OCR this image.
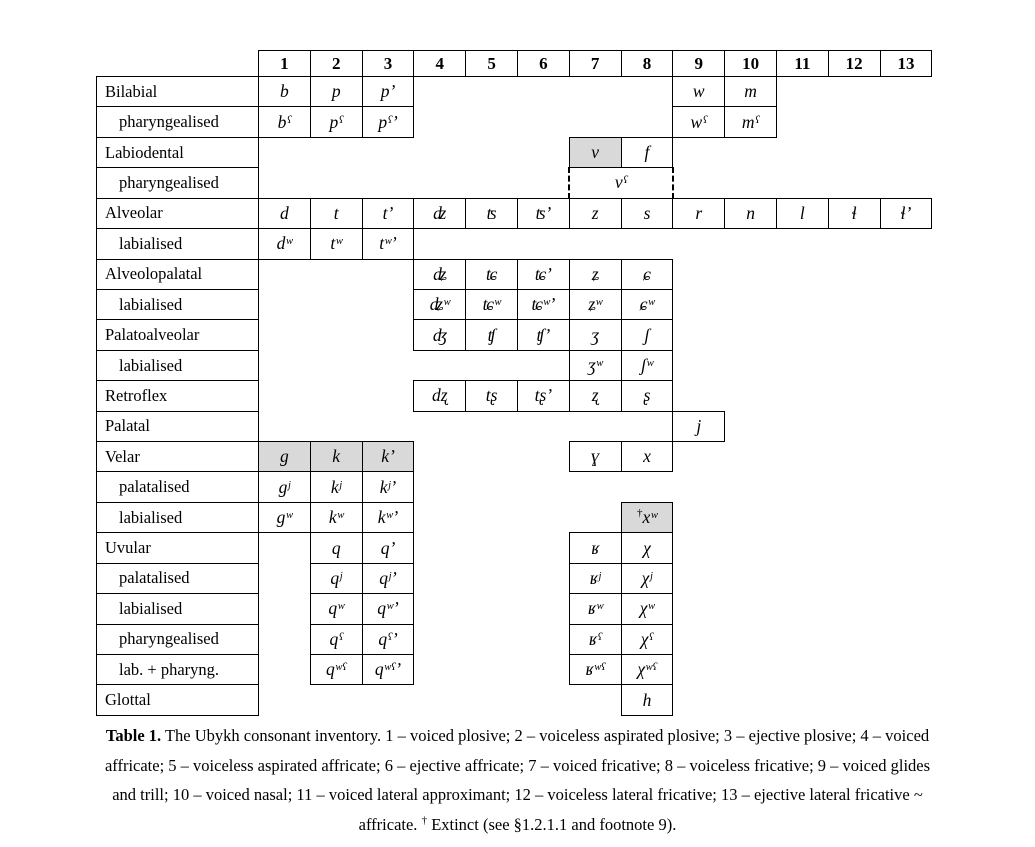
	1	2	3	4	5	6	7	8	9	10	11	12	13
Bilabial	b	p	p’						w	m			
pharyngealised	bˤ	pˤ	pˤ’						wˤ	mˤ			
Labiodental							v	f					
pharyngealised							vˤ						
Alveolar	d	t	t’	ʣ	ʦ	ʦ’	z	s	r	n	l	ɬ	ɬ’
labialised	dʷ	tʷ	tʷ’										
Alveolopalatal				ʥ	ʨ	ʨ’	ʑ	ɕ					
labialised				ʥʷ	ʨʷ	ʨʷ’	ʑʷ	ɕʷ					
Palatoalveolar				ʤ	ʧ	ʧ’	ʒ	ʃ					
labialised							ʒʷ	ʃʷ					
Retroflex				dʐ	tʂ	tʂ’	ʐ	ʂ					
Palatal									j				
Velar	g	k	k’				ɣ	x					
palatalised	gʲ	kʲ	kʲ’										
labialised	gʷ	kʷ	kʷ’					†xʷ					
Uvular		q	q’				ʁ	χ					
palatalised		qʲ	qʲ’				ʁʲ	χʲ					
labialised		qʷ	qʷ’				ʁʷ	χʷ					
pharyngealised		qˤ	qˤ’				ʁˤ	χˤ					
lab. + pharyng.		qʷˤ	qʷˤ’				ʁʷˤ	χʷˤ					
Glottal								h					
Table 1. The Ubykh consonant inventory. 1 – voiced plosive; 2 – voiceless aspirated plosive; 3 – ejective plosive; 4 – voiced affricate; 5 – voiceless aspirated affricate; 6 – ejective affricate; 7 – voiced fricative; 8 – voiceless fricative; 9 – voiced glides and trill; 10 – voiced nasal; 11 – voiced lateral approximant; 12 – voiceless lateral fricative; 13 – ejective lateral fricative ~ affricate. † Extinct (see §1.2.1.1 and footnote 9).
